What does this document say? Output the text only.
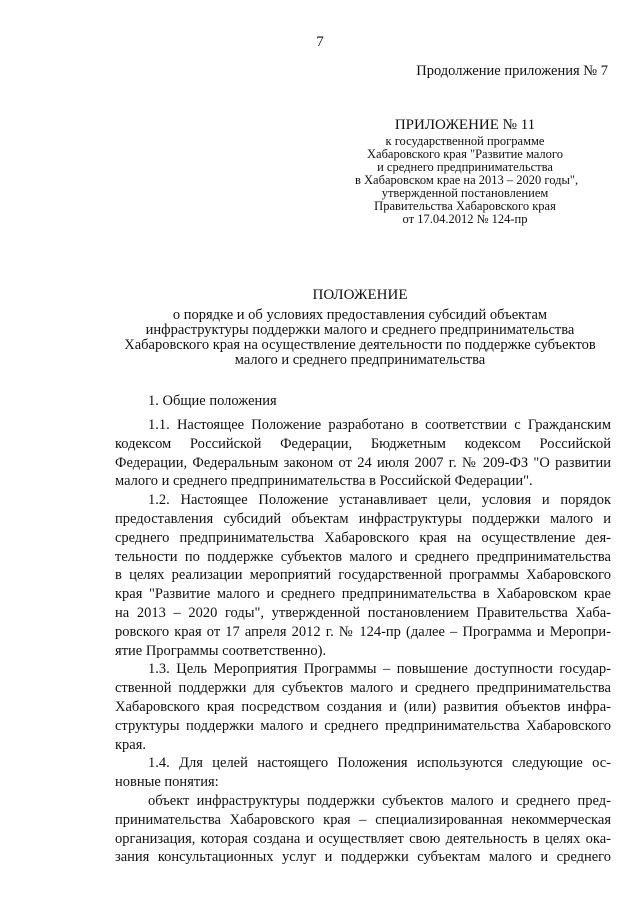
7
Продолжение приложения № 7

ПРИЛОЖЕНИЕ № 11

к государственной программе

Хабаровского края "Развитие малого

и среднего предпринимательства

в Хабаровском крае на 2013 – 2020 годы",

утвержденной постановлением

Правительства Хабаровского края

от 17.04.2012 № 124-пр

ПОЛОЖЕНИЕ

о порядке и об условиях предоставления субсидий объектам

инфраструктуры поддержки малого и среднего предпринимательства

Хабаровского края на осуществление деятельности по поддержке субъектов

малого и среднего предпринимательства

1. Общие положения

1.1. Настоящее Положение разработано в соответствии с Гражданским
кодексом Российской Федерации, Бюджетным кодексом Российской
Федерации, Федеральным законом от 24 июля 2007 г. № 209-ФЗ "О развитии
малого и среднего предпринимательства в Российской Федерации".

1.2. Настоящее Положение устанавливает цели, условия и порядок
предоставления субсидий объектам инфраструктуры поддержки малого и
среднего предпринимательства Хабаровского края на осуществление дея-
тельности по поддержке субъектов малого и среднего предпринимательства
в целях реализации мероприятий государственной программы Хабаровского
края "Развитие малого и среднего предпринимательства в Хабаровском крае
на 2013 – 2020 годы", утвержденной постановлением Правительства Хаба-
ровского края от 17 апреля 2012 г. № 124-пр (далее – Программа и Меропри-
ятие Программы соответственно).

1.3. Цель Мероприятия Программы – повышение доступности государ-
ственной поддержки для субъектов малого и среднего предпринимательства
Хабаровского края посредством создания и (или) развития объектов инфра-
структуры поддержки малого и среднего предпринимательства Хабаровского
края.

1.4. Для целей настоящего Положения используются следующие ос-
новные понятия:

объект инфраструктуры поддержки субъектов малого и среднего пред-
принимательства Хабаровского края – специализированная некоммерческая
организация, которая создана и осуществляет свою деятельность в целях ока-
зания консультационных услуг и поддержки субъектам малого и среднего
